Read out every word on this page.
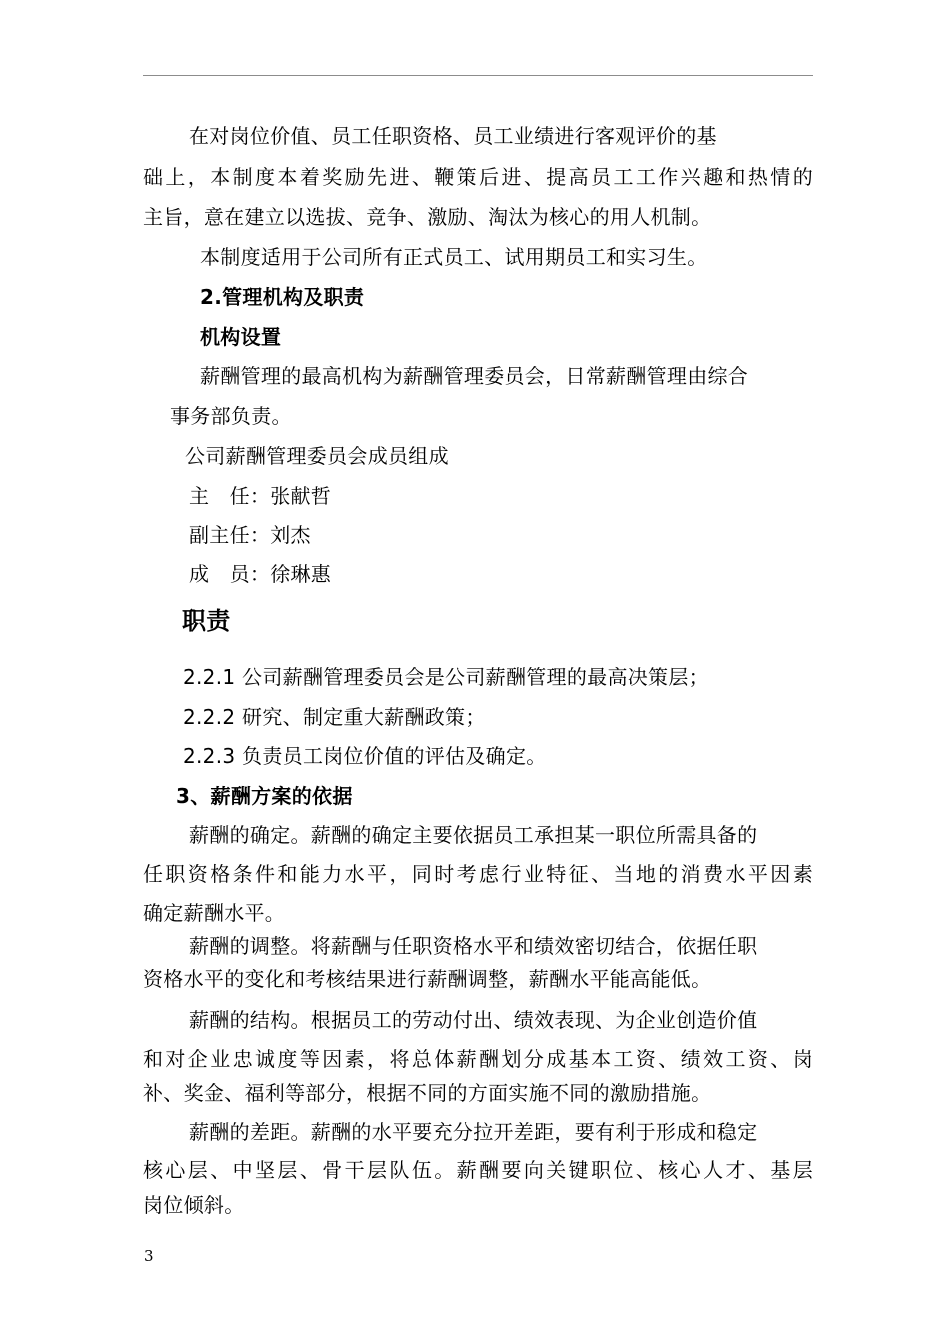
在对岗位价值、员工任职资格、员工业绩进行客观评价的基
础上，本制度本着奖励先进、鞭策后进、提高员工工作兴趣和热情的
主旨，意在建立以选拔、竞争、激励、淘汰为核心的用人机制。
本制度适用于公司所有正式员工、试用期员工和实习生。
2.管理机构及职责
机构设置
薪酬管理的最高机构为薪酬管理委员会，日常薪酬管理由综合
事务部负责。
公司薪酬管理委员会成员组成
主　任：张献哲
副主任：刘杰
成　员：徐琳惠
职责
2.2.1 公司薪酬管理委员会是公司薪酬管理的最高决策层；
2.2.2 研究、制定重大薪酬政策；
2.2.3 负责员工岗位价值的评估及确定。
3、薪酬方案的依据
薪酬的确定。薪酬的确定主要依据员工承担某一职位所需具备的
任职资格条件和能力水平，同时考虑行业特征、当地的消费水平因素
确定薪酬水平。
薪酬的调整。将薪酬与任职资格水平和绩效密切结合，依据任职
资格水平的变化和考核结果进行薪酬调整，薪酬水平能高能低。
薪酬的结构。根据员工的劳动付出、绩效表现、为企业创造价值
和对企业忠诚度等因素，将总体薪酬划分成基本工资、绩效工资、岗
补、奖金、福利等部分，根据不同的方面实施不同的激励措施。
薪酬的差距。薪酬的水平要充分拉开差距，要有利于形成和稳定
核心层、中坚层、骨干层队伍。薪酬要向关键职位、核心人才、基层
岗位倾斜。
3
